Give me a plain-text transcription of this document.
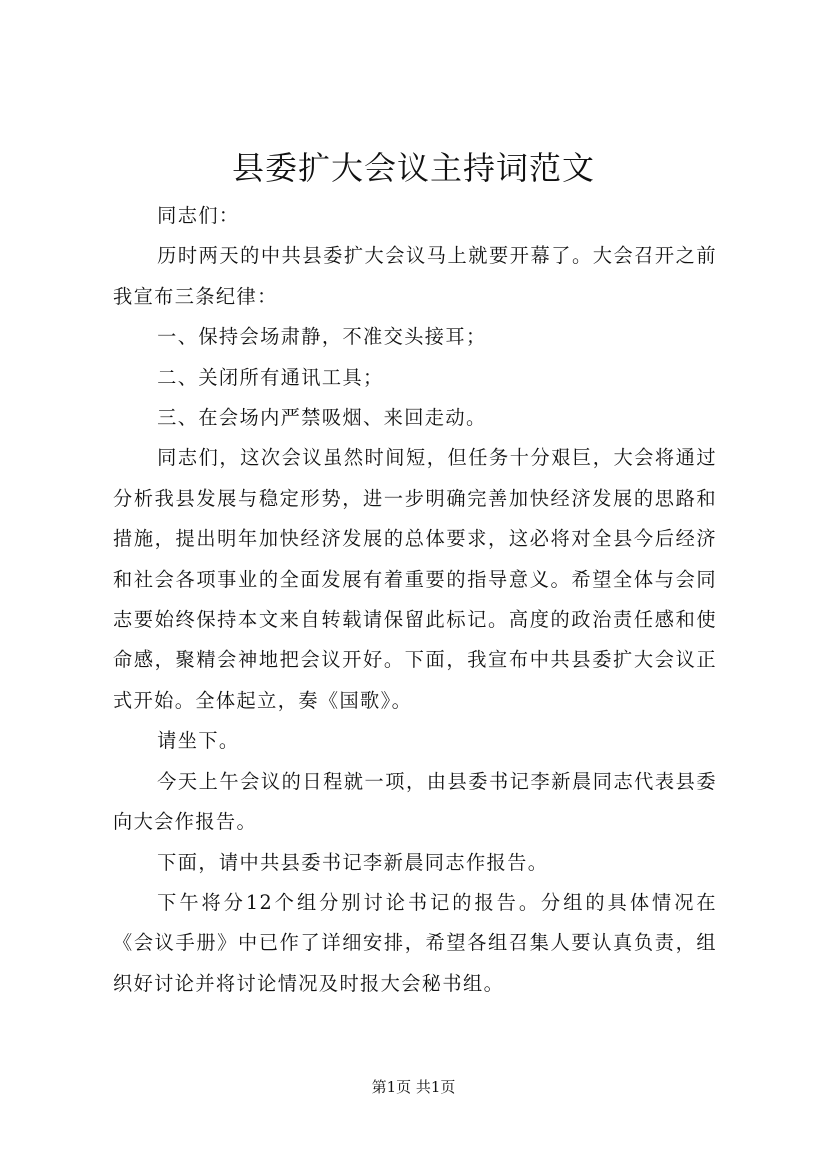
县委扩大会议主持词范文

同志们：

历时两天的中共县委扩大会议马上就要开幕了。大会召开之前我宣布三条纪律：

一、保持会场肃静，不准交头接耳；

二、关闭所有通讯工具；

三、在会场内严禁吸烟、来回走动。

同志们，这次会议虽然时间短，但任务十分艰巨，大会将通过分析我县发展与稳定形势，进一步明确完善加快经济发展的思路和措施，提出明年加快经济发展的总体要求，这必将对全县今后经济和社会各项事业的全面发展有着重要的指导意义。希望全体与会同志要始终保持本文来自转载请保留此标记。高度的政治责任感和使命感，聚精会神地把会议开好。下面，我宣布中共县委扩大会议正式开始。全体起立，奏《国歌》。

请坐下。

今天上午会议的日程就一项，由县委书记李新晨同志代表县委向大会作报告。

下面，请中共县委书记李新晨同志作报告。

下午将分12个组分别讨论书记的报告。分组的具体情况在《会议手册》中已作了详细安排，希望各组召集人要认真负责，组织好讨论并将讨论情况及时报大会秘书组。

第1页 共1页
